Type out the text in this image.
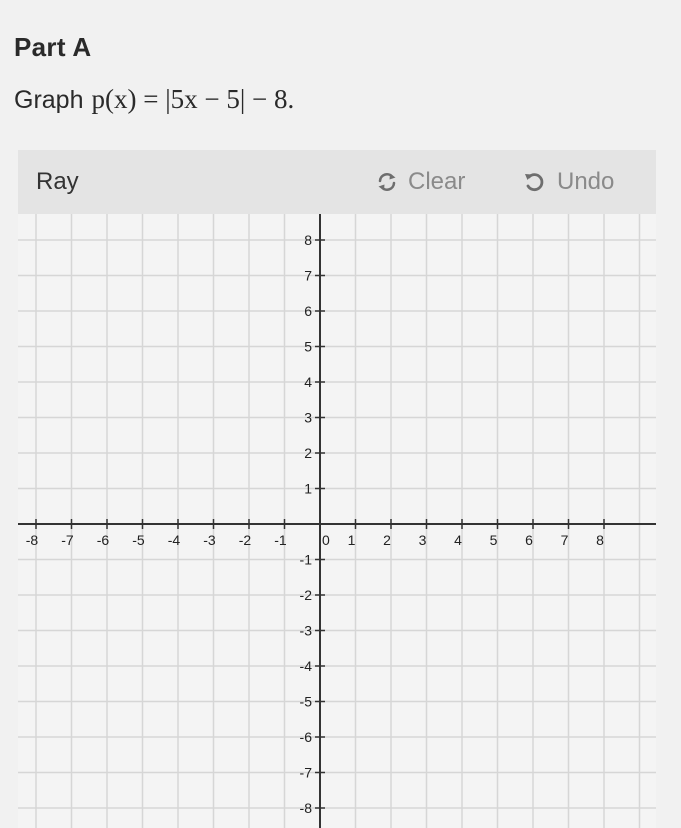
Part A
Graph p(x) = |5x − 5| − 8.
Ray	Clear	Undo
-8 -7 -6 -5 -4 -3 -2 -1	0 1 2 3 4 5 6 7 8
8
7
6
5
4
3
2
1
-1
-2
-3
-4
-5
-6
-7
-8
